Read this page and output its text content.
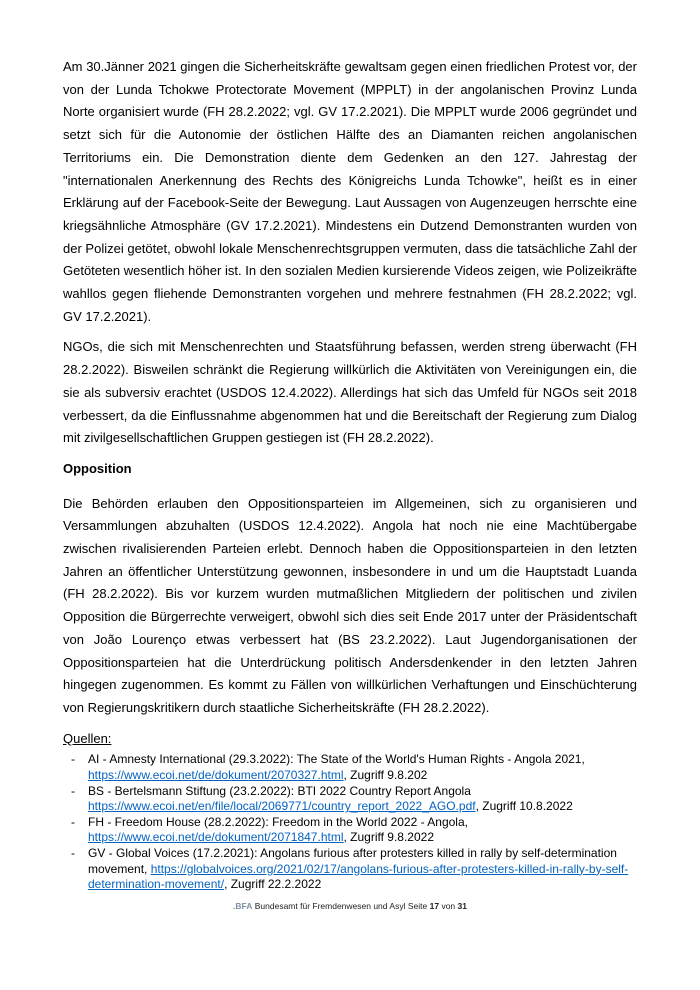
Am 30.Jänner 2021 gingen die Sicherheitskräfte gewaltsam gegen einen friedlichen Protest vor, der von der Lunda Tchokwe Protectorate Movement (MPPLT) in der angolanischen Provinz Lunda Norte organisiert wurde (FH 28.2.2022; vgl. GV 17.2.2021). Die MPPLT wurde 2006 gegründet und setzt sich für die Autonomie der östlichen Hälfte des an Diamanten reichen angolanischen Territoriums ein. Die Demonstration diente dem Gedenken an den 127. Jahrestag der "internationalen Anerkennung des Rechts des Königreichs Lunda Tchowke", heißt es in einer Erklärung auf der Facebook-Seite der Bewegung. Laut Aussagen von Augenzeugen herrschte eine kriegsähnliche Atmosphäre (GV 17.2.2021). Mindestens ein Dutzend Demonstranten wurden von der Polizei getötet, obwohl lokale Menschenrechtsgruppen vermuten, dass die tatsächliche Zahl der Getöteten wesentlich höher ist. In den sozialen Medien kursierende Videos zeigen, wie Polizeikräfte wahllos gegen fliehende Demonstranten vorgehen und mehrere festnahmen (FH 28.2.2022; vgl. GV 17.2.2021).

NGOs, die sich mit Menschenrechten und Staatsführung befassen, werden streng überwacht (FH 28.2.2022). Bisweilen schränkt die Regierung willkürlich die Aktivitäten von Vereinigungen ein, die sie als subversiv erachtet (USDOS 12.4.2022). Allerdings hat sich das Umfeld für NGOs seit 2018 verbessert, da die Einflussnahme abgenommen hat und die Bereitschaft der Regierung zum Dialog mit zivilgesellschaftlichen Gruppen gestiegen ist (FH 28.2.2022).

Opposition

Die Behörden erlauben den Oppositionsparteien im Allgemeinen, sich zu organisieren und Versammlungen abzuhalten (USDOS 12.4.2022). Angola hat noch nie eine Machtübergabe zwischen rivalisierenden Parteien erlebt. Dennoch haben die Oppositionsparteien in den letzten Jahren an öffentlicher Unterstützung gewonnen, insbesondere in und um die Hauptstadt Luanda (FH 28.2.2022). Bis vor kurzem wurden mutmaßlichen Mitgliedern der politischen und zivilen Opposition die Bürgerrechte verweigert, obwohl sich dies seit Ende 2017 unter der Präsidentschaft von João Lourenço etwas verbessert hat (BS 23.2.2022). Laut Jugendorganisationen der Oppositionsparteien hat die Unterdrückung politisch Andersdenkender in den letzten Jahren hingegen zugenommen. Es kommt zu Fällen von willkürlichen Verhaftungen und Einschüchterung von Regierungskritikern durch staatliche Sicherheitskräfte (FH 28.2.2022).

Quellen:
-	AI - Amnesty International (29.3.2022): The State of the World's Human Rights - Angola 2021, https://www.ecoi.net/de/dokument/2070327.html, Zugriff 9.8.202
-	BS - Bertelsmann Stiftung (23.2.2022): BTI 2022 Country Report Angola https://www.ecoi.net/en/file/local/2069771/country_report_2022_AGO.pdf, Zugriff 10.8.2022
-	FH - Freedom House (28.2.2022): Freedom in the World 2022 - Angola, https://www.ecoi.net/de/dokument/2071847.html, Zugriff 9.8.2022
-	GV - Global Voices (17.2.2021): Angolans furious after protesters killed in rally by self-determination movement, https://globalvoices.org/2021/02/17/angolans-furious-after-protesters-killed-in-rally-by-self-determination-movement/, Zugriff 22.2.2022
.BFA Bundesamt für Fremdenwesen und Asyl Seite 17 von 31
